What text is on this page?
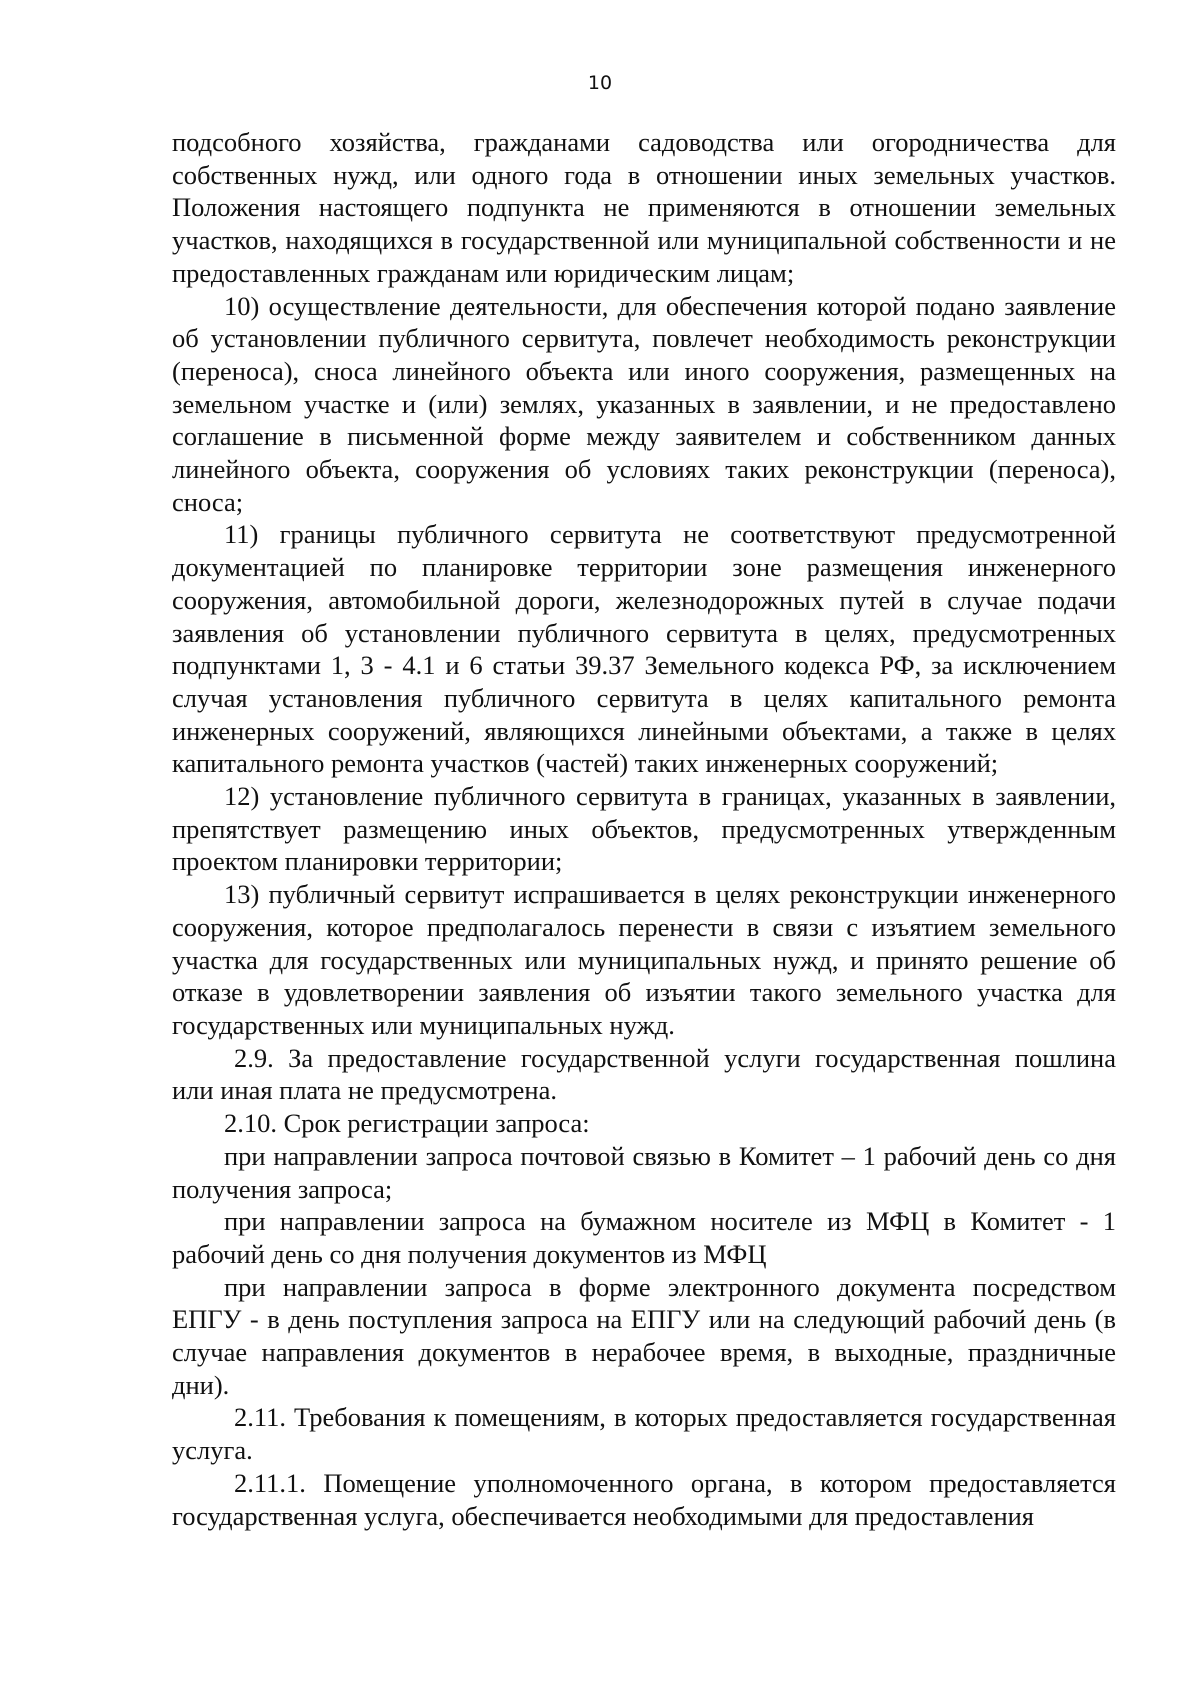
10

подсобного хозяйства, гражданами садоводства или огородничества для собственных нужд, или одного года в отношении иных земельных участков. Положения настоящего подпункта не применяются в отношении земельных участков, находящихся в государственной или муниципальной собственности и не предоставленных гражданам или юридическим лицам;

10) осуществление деятельности, для обеспечения которой подано заявление об установлении публичного сервитута, повлечет необходимость реконструкции (переноса), сноса линейного объекта или иного сооружения, размещенных на земельном участке и (или) землях, указанных в заявлении, и не предоставлено соглашение в письменной форме между заявителем и собственником данных линейного объекта, сооружения об условиях таких реконструкции (переноса), сноса;

11) границы публичного сервитута не соответствуют предусмотренной документацией по планировке территории зоне размещения инженерного сооружения, автомобильной дороги, железнодорожных путей в случае подачи заявления об установлении публичного сервитута в целях, предусмотренных подпунктами 1, 3 - 4.1 и 6 статьи 39.37 Земельного кодекса РФ, за исключением случая установления публичного сервитута в целях капитального ремонта инженерных сооружений, являющихся линейными объектами, а также в целях капитального ремонта участков (частей) таких инженерных сооружений;

12) установление публичного сервитута в границах, указанных в заявлении, препятствует размещению иных объектов, предусмотренных утвержденным проектом планировки территории;

13) публичный сервитут испрашивается в целях реконструкции инженерного сооружения, которое предполагалось перенести в связи с изъятием земельного участка для государственных или муниципальных нужд, и принято решение об отказе в удовлетворении заявления об изъятии такого земельного участка для государственных или муниципальных нужд.

2.9. За предоставление государственной услуги государственная пошлина или иная плата не предусмотрена.

2.10. Срок регистрации запроса:

при направлении запроса почтовой связью в Комитет – 1 рабочий день со дня получения запроса;

при направлении запроса на бумажном носителе из МФЦ в Комитет - 1 рабочий день со дня получения документов из МФЦ

при направлении запроса в форме электронного документа посредством ЕПГУ - в день поступления запроса на ЕПГУ или на следующий рабочий день (в случае направления документов в нерабочее время, в выходные, праздничные дни).

2.11. Требования к помещениям, в которых предоставляется государственная услуга.

2.11.1. Помещение уполномоченного органа, в котором предоставляется государственная услуга, обеспечивается необходимыми для предоставления
